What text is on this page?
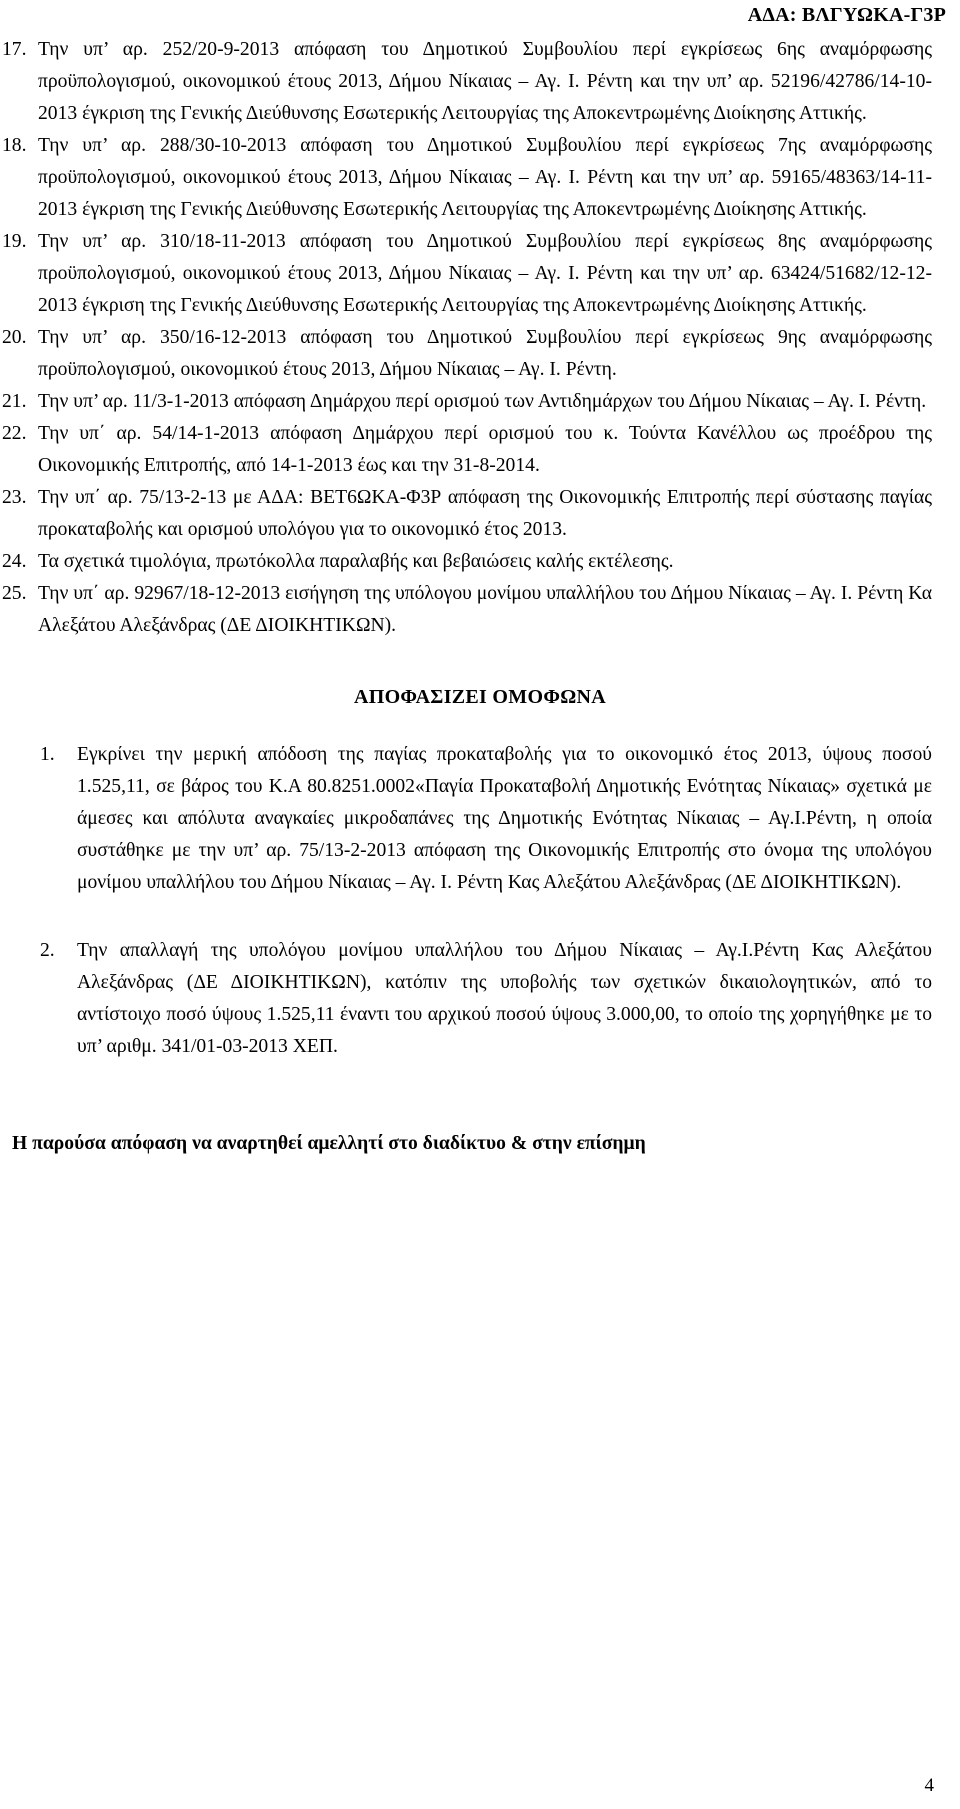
ΑΔΑ: ΒΛΓΥΩΚΑ-Γ3Ρ
17. Την υπ’ αρ. 252/20-9-2013 απόφαση του Δημοτικού Συμβουλίου περί εγκρίσεως 6ης αναμόρφωσης προϋπολογισμού, οικονομικού έτους 2013, Δήμου Νίκαιας – Αγ. Ι. Ρέντη και την υπ’ αρ. 52196/42786/14-10-2013 έγκριση της Γενικής Διεύθυνσης Εσωτερικής Λειτουργίας της Αποκεντρωμένης Διοίκησης Αττικής.
18. Την υπ’ αρ. 288/30-10-2013 απόφαση του Δημοτικού Συμβουλίου περί εγκρίσεως 7ης αναμόρφωσης προϋπολογισμού, οικονομικού έτους 2013, Δήμου Νίκαιας – Αγ. Ι. Ρέντη και την υπ’ αρ. 59165/48363/14-11-2013 έγκριση της Γενικής Διεύθυνσης Εσωτερικής Λειτουργίας της Αποκεντρωμένης Διοίκησης Αττικής.
19. Την υπ’ αρ. 310/18-11-2013 απόφαση του Δημοτικού Συμβουλίου περί εγκρίσεως 8ης αναμόρφωσης προϋπολογισμού, οικονομικού έτους 2013, Δήμου Νίκαιας – Αγ. Ι. Ρέντη και την υπ’ αρ. 63424/51682/12-12-2013 έγκριση της Γενικής Διεύθυνσης Εσωτερικής Λειτουργίας της Αποκεντρωμένης Διοίκησης Αττικής.
20. Την υπ’ αρ. 350/16-12-2013 απόφαση του Δημοτικού Συμβουλίου περί εγκρίσεως 9ης αναμόρφωσης προϋπολογισμού, οικονομικού έτους 2013, Δήμου Νίκαιας – Αγ. Ι. Ρέντη.
21. Την υπ’ αρ. 11/3-1-2013 απόφαση Δημάρχου περί ορισμού των Αντιδημάρχων του Δήμου Νίκαιας – Αγ. Ι. Ρέντη.
22. Την υπ΄ αρ. 54/14-1-2013 απόφαση Δημάρχου περί ορισμού του κ. Τούντα Κανέλλου ως προέδρου της Οικονομικής Επιτροπής, από 14-1-2013 έως και την 31-8-2014.
23. Την υπ΄ αρ. 75/13-2-13 με ΑΔΑ: ΒΕΤ6ΩΚΑ-Φ3Ρ απόφαση της Οικονομικής Επιτροπής περί σύστασης παγίας προκαταβολής και ορισμού υπολόγου για το οικονομικό έτος 2013.
24. Τα σχετικά τιμολόγια, πρωτόκολλα παραλαβής και βεβαιώσεις καλής εκτέλεσης.
25. Την υπ΄ αρ. 92967/18-12-2013 εισήγηση της υπόλογου μονίμου υπαλλήλου του Δήμου Νίκαιας – Αγ. Ι. Ρέντη Κα Αλεξάτου Αλεξάνδρας (ΔΕ ΔΙΟΙΚΗΤΙΚΩΝ).
ΑΠΟΦΑΣΙΖΕΙ ΟΜΟΦΩΝΑ
1. Εγκρίνει την μερική απόδοση της παγίας προκαταβολής για το οικονομικό έτος 2013, ύψους ποσού 1.525,11, σε βάρος του Κ.Α 80.8251.0002«Παγία Προκαταβολή Δημοτικής Ενότητας Νίκαιας» σχετικά με άμεσες και απόλυτα αναγκαίες μικροδαπάνες της Δημοτικής Ενότητας Νίκαιας – Αγ.Ι.Ρέντη, η οποία συστάθηκε με την υπ’ αρ. 75/13-2-2013 απόφαση της Οικονομικής Επιτροπής στο όνομα της υπολόγου μονίμου υπαλλήλου του Δήμου Νίκαιας – Αγ. Ι. Ρέντη Κας Αλεξάτου Αλεξάνδρας (ΔΕ ΔΙΟΙΚΗΤΙΚΩΝ).
2. Την απαλλαγή της υπολόγου μονίμου υπαλλήλου του Δήμου Νίκαιας – Αγ.Ι.Ρέντη Κας Αλεξάτου Αλεξάνδρας (ΔΕ ΔΙΟΙΚΗΤΙΚΩΝ), κατόπιν της υποβολής των σχετικών δικαιολογητικών, από το αντίστοιχο ποσό ύψους 1.525,11 έναντι του αρχικού ποσού ύψους 3.000,00, το οποίο της χορηγήθηκε με το υπ’ αριθμ. 341/01-03-2013 ΧΕΠ.
Η παρούσα απόφαση να αναρτηθεί αμελλητί στο διαδίκτυο & στην επίσημη
4
